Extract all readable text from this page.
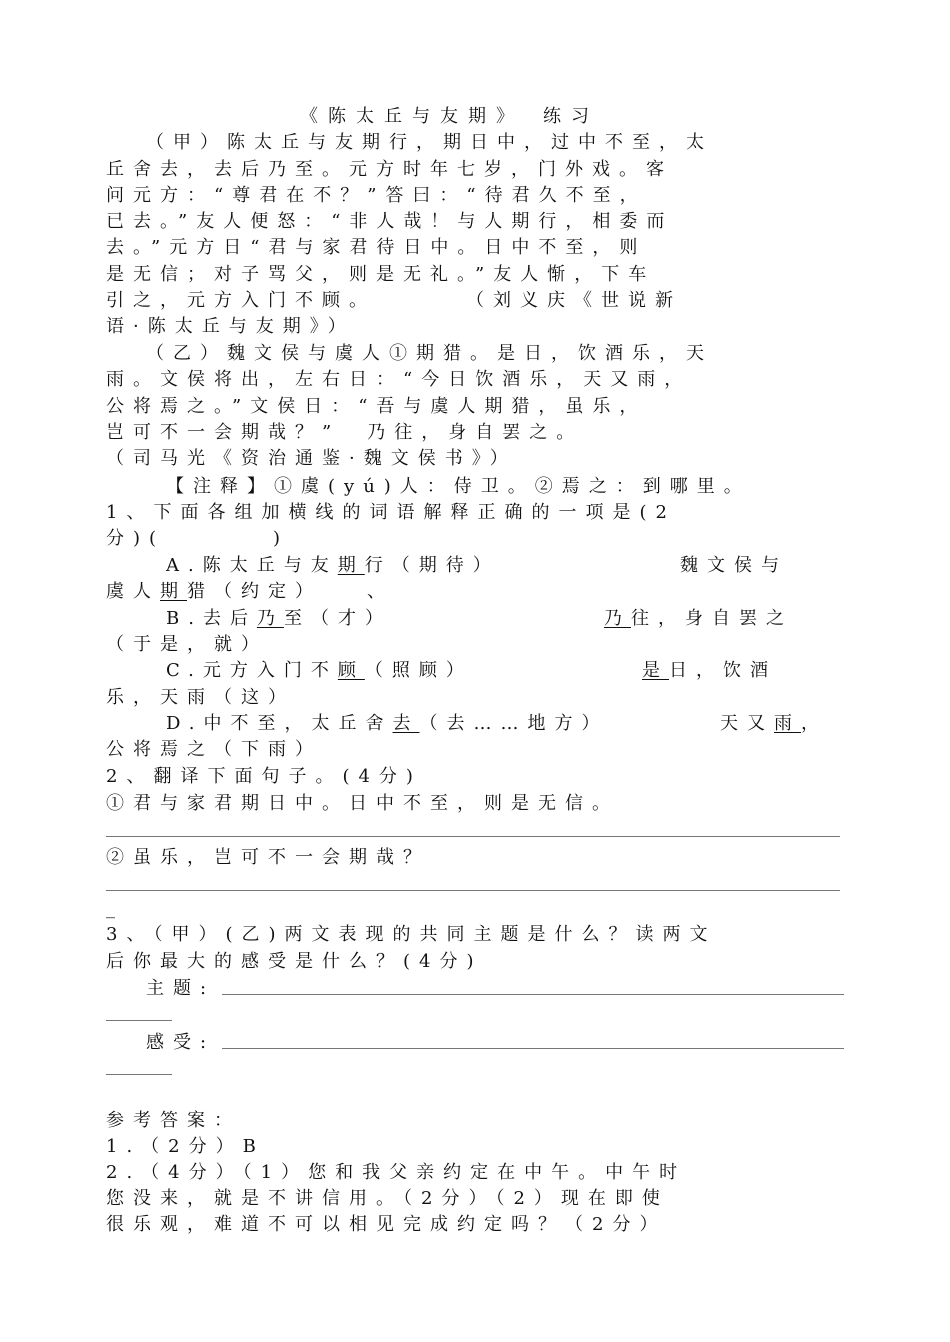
《陈太丘与友期》　练习
（甲）陈太丘与友期行，期日中，过中不至，太
丘舍去，去后乃至。元方时年七岁，门外戏。客
问元方：“尊君在不？”答曰：“待君久不至，
已去。”友人便怒：“非人哉！与人期行，相委而
去。”元方日“君与家君待日中。日中不至，则
是无信；对子骂父，则是无礼。”友人惭，下车
引之，元方入门不顾。　　　　（刘义庆《世说新
语·陈太丘与友期》）
（乙）魏文侯与虞人①期猎。是日，饮酒乐，天
雨。文侯将出，左右日：“今日饮酒乐，天又雨，
公将焉之。”文侯日：“吾与虞人期猎，虽乐，
岂可不一会期哉？”　乃往，身自罢之。
（司马光《资治通鉴·魏文侯书》）
【注释】①虞(yú)人：侍卫。②焉之：到哪里。
1、下面各组加横线的词语解释正确的一项是(2
分)(　　　　)
A.陈太丘与友期行（期待）	魏文侯与
虞人期猎（约定）　　、
B.去后乃至（才）	乃往，身自罢之
（于是，就）
C.元方入门不顾（照顾）	是日，饮酒
乐，天雨（这）
D.中不至，太丘舍去（去……地方）	天又雨，
公将焉之（下雨）
2、翻译下面句子。(4分)
①君与家君期日中。日中不至，则是无信。
②虽乐，岂可不一会期哉？
_
3、（甲）(乙)两文表现的共同主题是什么？读两文
后你最大的感受是什么？(4分)
主题:
感受:
参考答案：
1.（2分）B
2.（4分）（1）您和我父亲约定在中午。中午时
您没来，就是不讲信用。（2分）（2）现在即使
很乐观，难道不可以相见完成约定吗？（2分）
